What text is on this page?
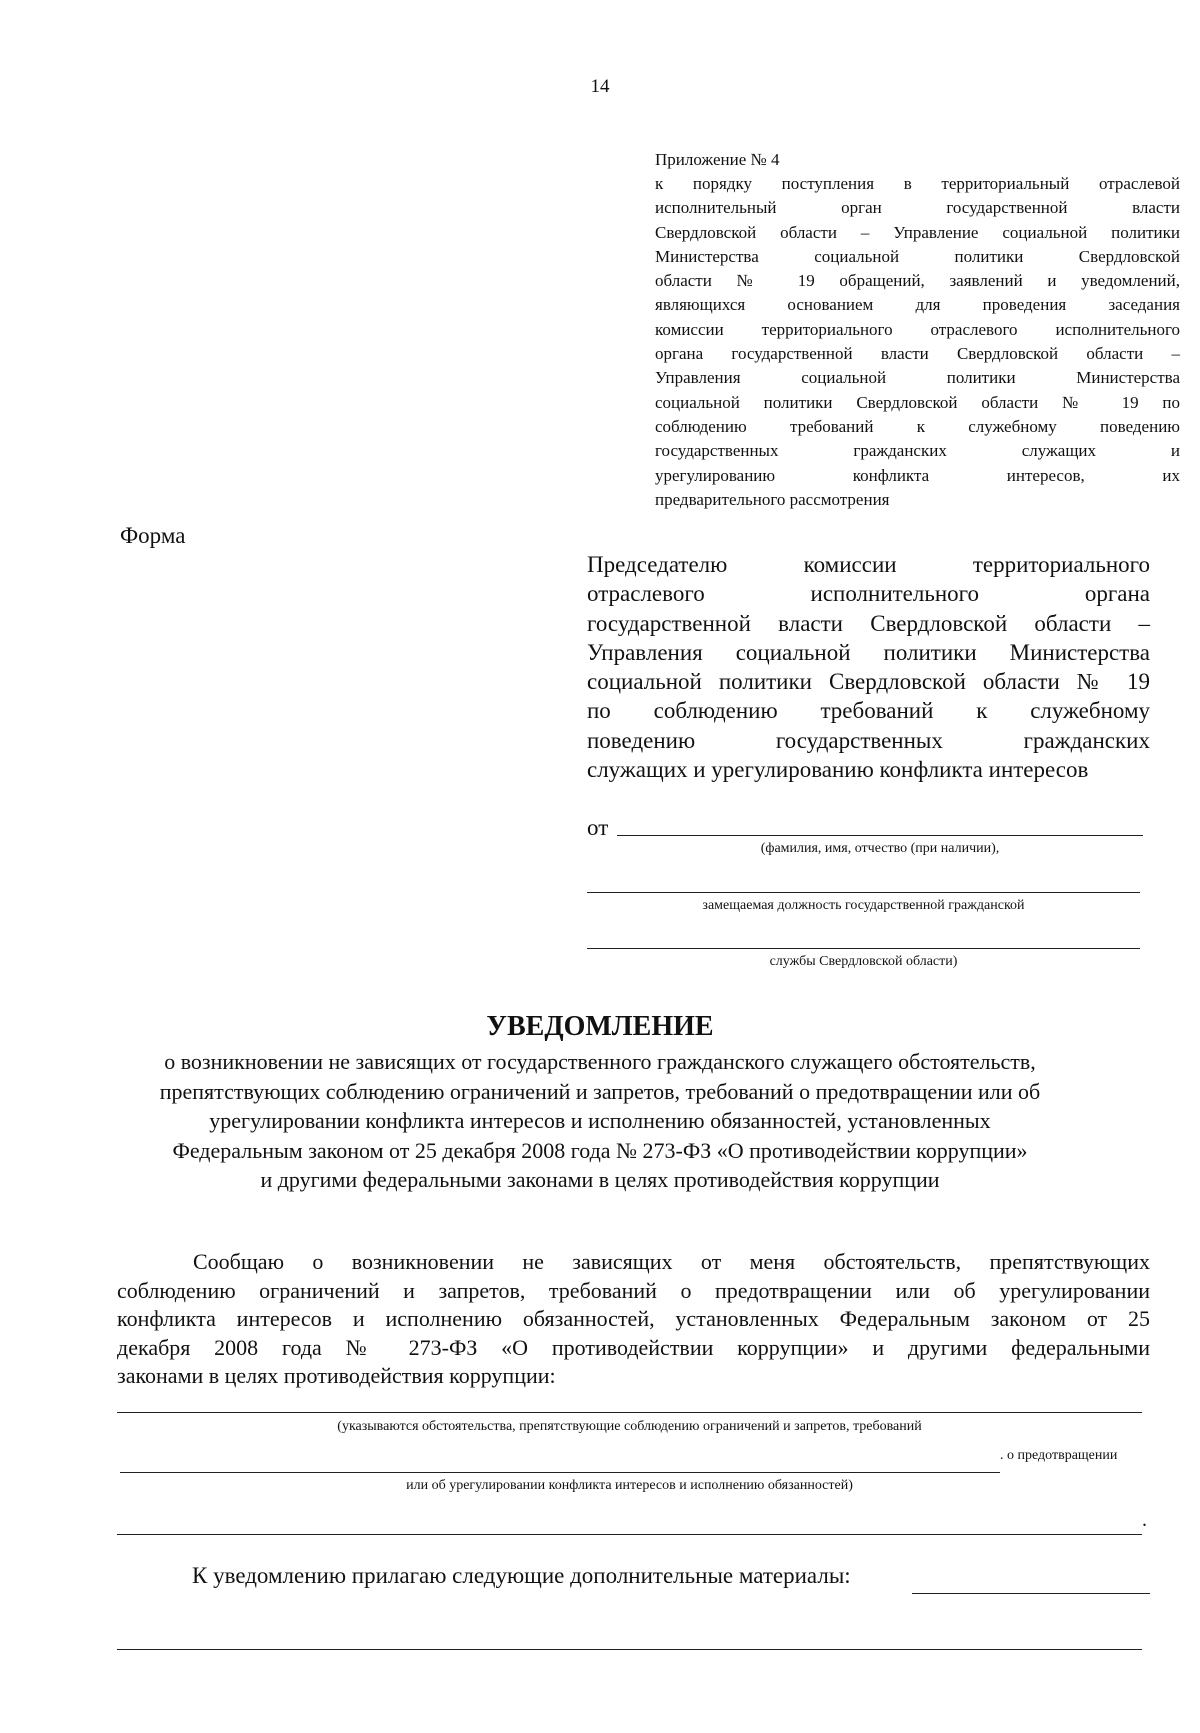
14
Приложение № 4
к порядку поступления в территориальный отраслевой
исполнительный орган государственной власти
Свердловской области – Управление социальной политики
Министерства социальной политики Свердловской
области № 19 обращений, заявлений и уведомлений,
являющихся основанием для проведения заседания
комиссии территориального отраслевого исполнительного
органа государственной власти Свердловской области –
Управления социальной политики Министерства
социальной политики Свердловской области № 19 по
соблюдению требований к служебному поведению
государственных гражданских служащих и
урегулированию конфликта интересов, их
предварительного рассмотрения
Форма
Председателю комиссии территориального
отраслевого исполнительного органа
государственной власти Свердловской области –
Управления социальной политики Министерства
социальной политики Свердловской области № 19
по соблюдению требований к служебному
поведению государственных гражданских
служащих и урегулированию конфликта интересов
от
(фамилия, имя, отчество (при наличии),
замещаемая должность государственной гражданской
службы Свердловской области)
УВЕДОМЛЕНИЕ
о возникновении не зависящих от государственного гражданского служащего обстоятельств,
препятствующих соблюдению ограничений и запретов, требований о предотвращении или об
урегулировании конфликта интересов и исполнению обязанностей, установленных
Федеральным законом от 25 декабря 2008 года № 273-ФЗ «О противодействии коррупции»
и другими федеральными законами в целях противодействия коррупции
Сообщаю о возникновении не зависящих от меня обстоятельств, препятствующих
соблюдению ограничений и запретов, требований о предотвращении или об урегулировании
конфликта интересов и исполнению обязанностей, установленных Федеральным законом от 25
декабря 2008 года № 273-ФЗ «О противодействии коррупции» и другими федеральными
законами в целях противодействия коррупции:
(указываются обстоятельства, препятствующие соблюдению ограничений и запретов, требований
. о предотвращении
или об урегулировании конфликта интересов и исполнению обязанностей)
.
К уведомлению прилагаю следующие дополнительные материалы:
